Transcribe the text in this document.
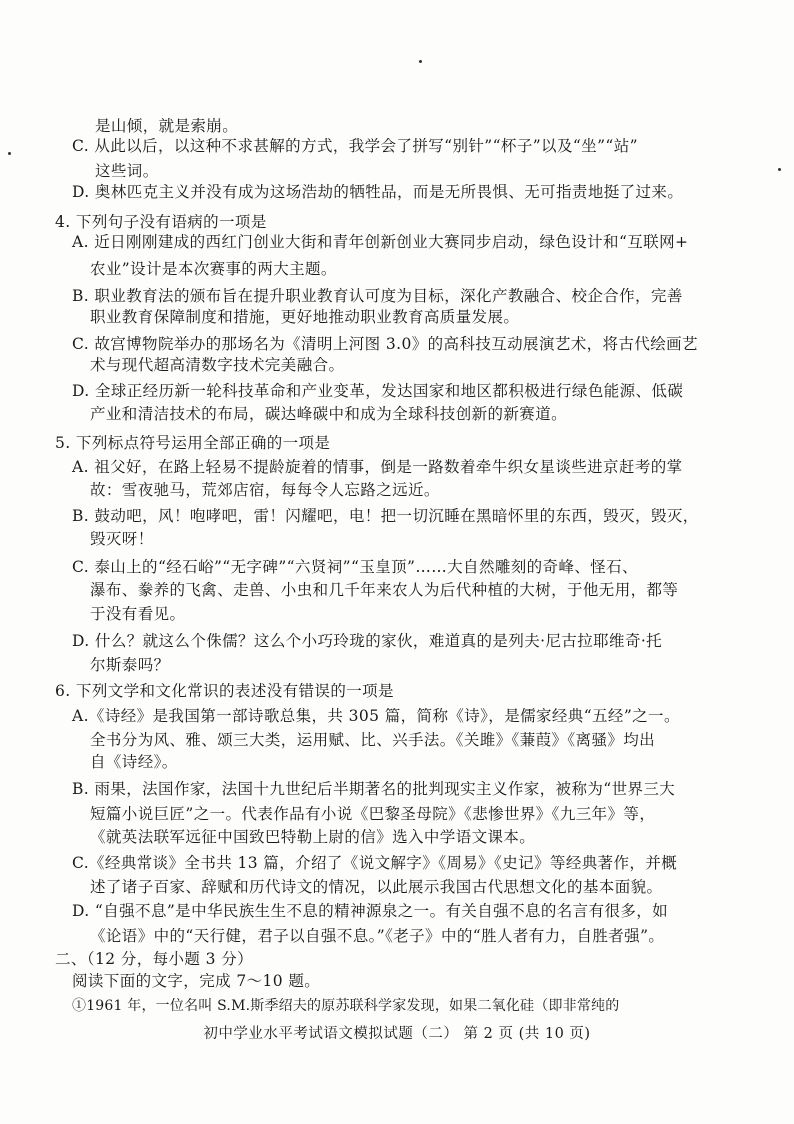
是山倾，就是索崩。
C. 从此以后，以这种不求甚解的方式，我学会了拼写“别针”“杯子”以及“坐”“站”
这些词。
D. 奥林匹克主义并没有成为这场浩劫的牺牲品，而是无所畏惧、无可指责地挺了过来。
4. 下列句子没有语病的一项是
A. 近日刚刚建成的西红门创业大街和青年创新创业大赛同步启动，绿色设计和“互联网+
农业”设计是本次赛事的两大主题。
B. 职业教育法的颁布旨在提升职业教育认可度为目标，深化产教融合、校企合作，完善
职业教育保障制度和措施，更好地推动职业教育高质量发展。
C. 故宫博物院举办的那场名为《清明上河图 3.0》的高科技互动展演艺术，将古代绘画艺
术与现代超高清数字技术完美融合。
D. 全球正经历新一轮科技革命和产业变革，发达国家和地区都积极进行绿色能源、低碳
产业和清洁技术的布局，碳达峰碳中和成为全球科技创新的新赛道。
5. 下列标点符号运用全部正确的一项是
A. 祖父好，在路上轻易不提龄旋着的情事，倒是一路数着牵牛织女星谈些进京赶考的掌
故：雪夜驰马，荒郊店宿，每每令人忘路之远近。
B. 鼓动吧，风！咆哮吧，雷！闪耀吧，电！把一切沉睡在黑暗怀里的东西，毁灭，毁灭，
毁灭呀！
C. 泰山上的“经石峪”“无字碑”“六贤祠”“玉皇顶”……大自然雕刻的奇峰、怪石、
瀑布、豢养的飞禽、走兽、小虫和几千年来农人为后代种植的大树，于他无用，都等
于没有看见。
D. 什么？就这么个侏儒？这么个小巧玲珑的家伙，难道真的是列夫·尼古拉耶维奇·托
尔斯泰吗？
6. 下列文学和文化常识的表述没有错误的一项是
A.《诗经》是我国第一部诗歌总集，共 305 篇，简称《诗》，是儒家经典“五经”之一。
全书分为风、雅、颂三大类，运用赋、比、兴手法。《关雎》《蒹葭》《离骚》均出
自《诗经》。
B. 雨果，法国作家，法国十九世纪后半期著名的批判现实主义作家，被称为“世界三大
短篇小说巨匠”之一。代表作品有小说《巴黎圣母院》《悲惨世界》《九三年》等，
《就英法联军远征中国致巴特勒上尉的信》选入中学语文课本。
C.《经典常谈》全书共 13 篇，介绍了《说文解字》《周易》《史记》等经典著作，并概
述了诸子百家、辞赋和历代诗文的情况，以此展示我国古代思想文化的基本面貌。
D. “自强不息”是中华民族生生不息的精神源泉之一。有关自强不息的名言有很多，如
《论语》中的“天行健，君子以自强不息。”《老子》中的“胜人者有力，自胜者强”。
二、（12 分，每小题 3 分）
阅读下面的文字，完成 7～10 题。
①1961 年，一位名叫 S.M.斯季绍夫的原苏联科学家发现，如果二氧化硅（即非常纯的
初中学业水平考试语文模拟试题（二） 第 2 页 (共 10 页)
